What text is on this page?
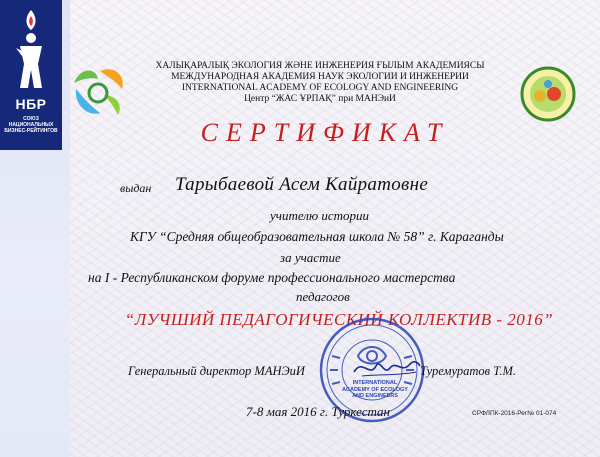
НБР
СОЮЗ НАЦИОНАЛЬНЫХ БИЗНЕС-РЕЙТИНГОВ
ХАЛЫҚАРАЛЫҚ ЭКОЛОГИЯ ЖӘНЕ ИНЖЕНЕРИЯ ҒЫЛЫМ АКАДЕМИЯСЫ
МЕЖДУНАРОДНАЯ АКАДЕМИЯ НАУК ЭКОЛОГИИ И ИНЖЕНЕРИИ
INTERNATIONAL ACADEMY OF ECOLOGY AND ENGINEERING
Центр “ЖАС ҰРПАҚ” при МАНЭиИ
СЕРТИФИКАТ
выдан Тарыбаевой Асем Кайратовне
учителю истории
КГУ “Средняя общеобразовательная школа № 58” г. Караганды
за участие
на I - Республиканском форуме профессионального мастерства
педагогов
“ЛУЧШИЙ ПЕДАГОГИЧЕСКИЙ КОЛЛЕКТИВ - 2016”
INTERNATIONAL ACADEMY OF ECOLOGY AND ENGINEERS
Генеральный директор МАНЭиИ	Туремуратов Т.М.
7-8 мая 2016 г. Туркестан	СРФЛПК-2016-Рег№ 01-074
